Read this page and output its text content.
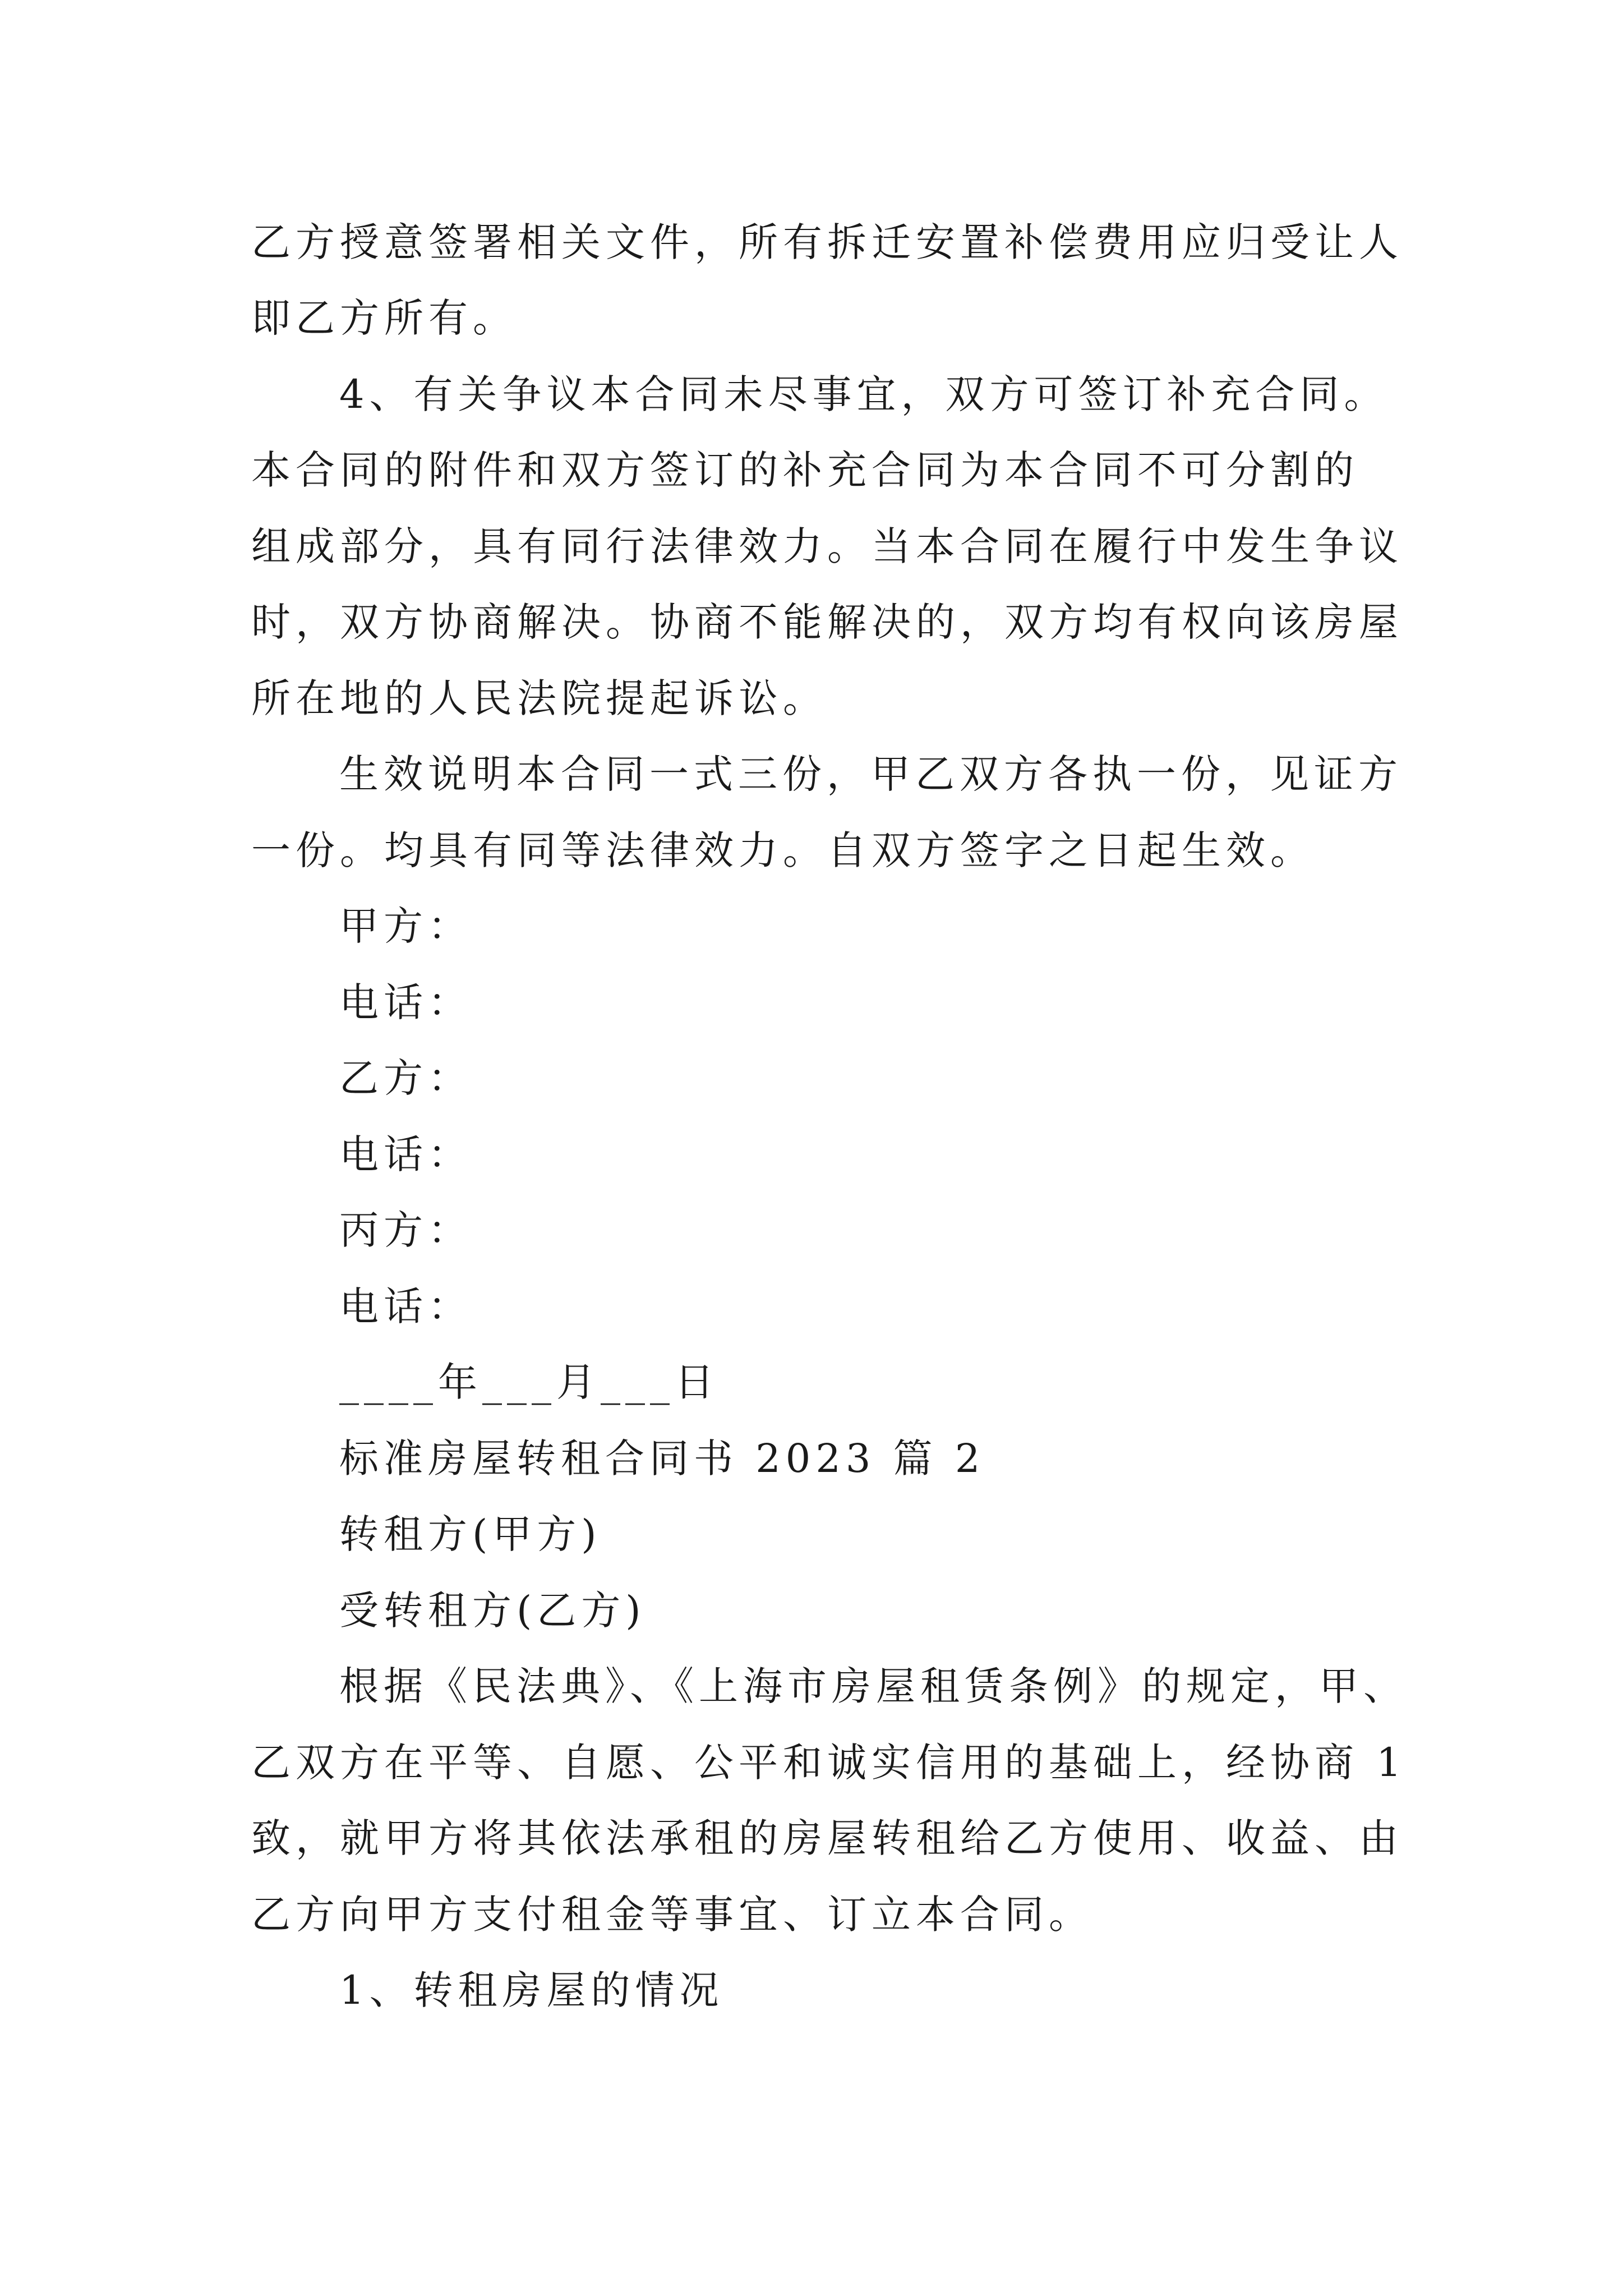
乙方授意签署相关文件，所有拆迁安置补偿费用应归受让人
即乙方所有。
4、有关争议本合同未尽事宜，双方可签订补充合同。
本合同的附件和双方签订的补充合同为本合同不可分割的
组成部分，具有同行法律效力。当本合同在履行中发生争议
时，双方协商解决。协商不能解决的，双方均有权向该房屋
所在地的人民法院提起诉讼。
生效说明本合同一式三份，甲乙双方各执一份，见证方
一份。均具有同等法律效力。自双方签字之日起生效。
甲方：
电话：
乙方：
电话：
丙方：
电话：
____年___月___日
标准房屋转租合同书 2023 篇 2
转租方(甲方)
受转租方(乙方)
根据《民法典》、《上海市房屋租赁条例》的规定，甲、
乙双方在平等、自愿、公平和诚实信用的基础上，经协商 1
致，就甲方将其依法承租的房屋转租给乙方使用、收益、由
乙方向甲方支付租金等事宜、订立本合同。
1、转租房屋的情况
